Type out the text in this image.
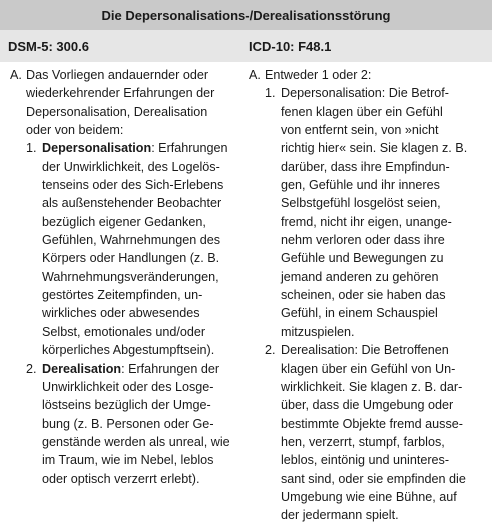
Die Depersonalisations-/Derealisationsstörung
DSM-5: 300.6	ICD-10: F48.1
A. Das Vorliegen andauernder oder
wiederkehrender Erfahrungen der
Depersonalisation, Derealisation
oder von beidem:
1. Depersonalisation: Erfahrungen
der Unwirklichkeit, des Logelös-
tenseins oder des Sich-Erlebens
als außenstehender Beobachter
bezüglich eigener Gedanken,
Gefühlen, Wahrnehmungen des
Körpers oder Handlungen (z. B.
Wahrnehmungsveränderungen,
gestörtes Zeitempfinden, un-
wirkliches oder abwesendes
Selbst, emotionales und/oder
körperliches Abgestumpftsein).
2. Derealisation: Erfahrungen der
Unwirklichkeit oder des Losge-
löstseins bezüglich der Umge-
bung (z. B. Personen oder Ge-
genstände werden als unreal, wie
im Traum, wie im Nebel, leblos
oder optisch verzerrt erlebt).
A. Entweder 1 oder 2:
1. Depersonalisation: Die Betrof-
fenen klagen über ein Gefühl
von entfernt sein, von »nicht
richtig hier« sein. Sie klagen z. B.
darüber, dass ihre Empfindun-
gen, Gefühle und ihr inneres
Selbstgefühl losgelöst seien,
fremd, nicht ihr eigen, unange-
nehm verloren oder dass ihre
Gefühle und Bewegungen zu
jemand anderen zu gehören
scheinen, oder sie haben das
Gefühl, in einem Schauspiel
mitzuspielen.
2. Derealisation: Die Betroffenen
klagen über ein Gefühl von Un-
wirklichkeit. Sie klagen z. B. dar-
über, dass die Umgebung oder
bestimmte Objekte fremd ausse-
hen, verzerrt, stumpf, farblos,
leblos, eintönig und uninteres-
sant sind, oder sie empfinden die
Umgebung wie eine Bühne, auf
der jedermann spielt.
